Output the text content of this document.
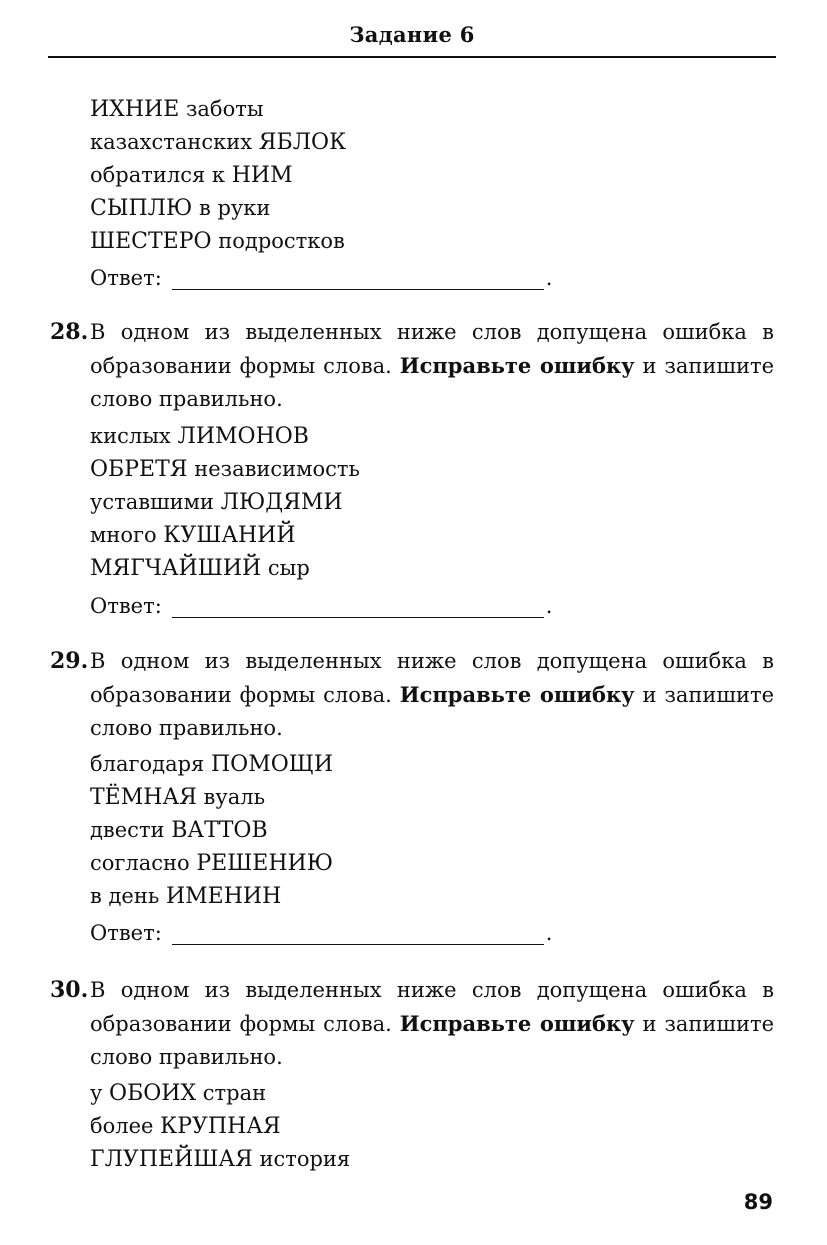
Задание 6
ИХНИЕ заботы
казахстанских ЯБЛОК
обратился к НИМ
СЫПЛЮ в руки
ШЕСТЕРО подростков
Ответ:	.
28. В одном из выделенных ниже слов допущена ошибка в образовании формы слова. Исправьте ошибку и запишите слово правильно.
кислых ЛИМОНОВ
ОБРЕТЯ независимость
уставшими ЛЮДЯМИ
много КУШАНИЙ
МЯГЧАЙШИЙ сыр
Ответ:	.
29. В одном из выделенных ниже слов допущена ошибка в образовании формы слова. Исправьте ошибку и запишите слово правильно.
благодаря ПОМОЩИ
ТЁМНАЯ вуаль
двести ВАТТОВ
согласно РЕШЕНИЮ
в день ИМЕНИН
Ответ:	.
30. В одном из выделенных ниже слов допущена ошибка в образовании формы слова. Исправьте ошибку и запишите слово правильно.
у ОБОИХ стран
более КРУПНАЯ
ГЛУПЕЙШАЯ история
89
